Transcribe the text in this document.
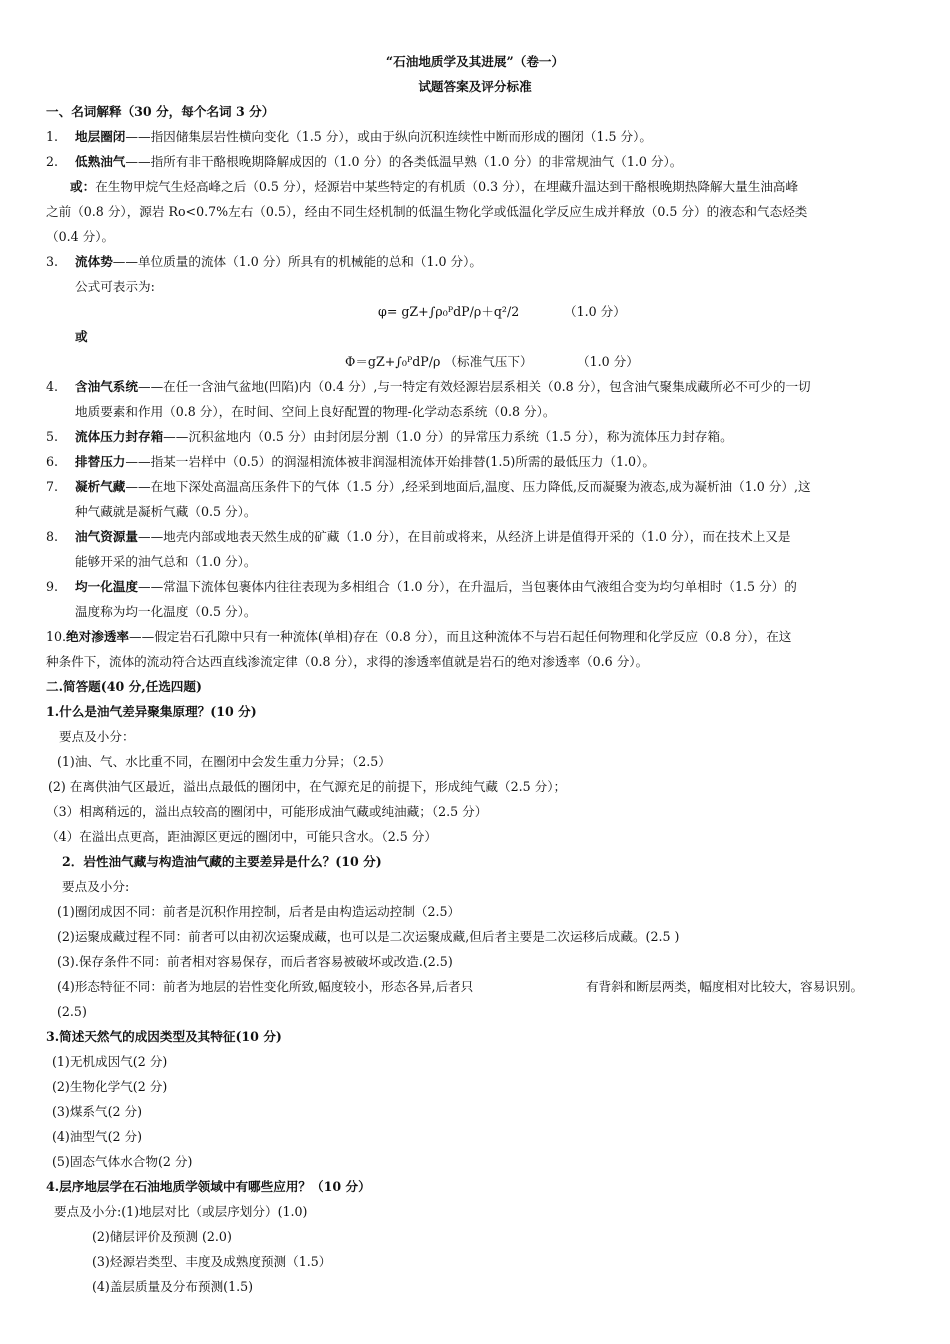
“石油地质学及其进展”（卷一）
试题答案及评分标准
一、名词解释（30 分，每个名词 3 分）
1. 地层圈闭——指因储集层岩性横向变化（1.5 分），或由于纵向沉积连续性中断而形成的圈闭（1.5 分）。
2. 低熟油气——指所有非干酪根晚期降解成因的（1.0 分）的各类低温早熟（1.0 分）的非常规油气（1.0 分）。
或：在生物甲烷气生烃高峰之后（0.5 分），烃源岩中某些特定的有机质（0.3 分），在埋藏升温达到干酪根晚期热降解大量生油高峰
之前（0.8 分），源岩 Ro<0.7%左右（0.5），经由不同生烃机制的低温生物化学或低温化学反应生成并释放（0.5 分）的液态和气态烃类
（0.4 分）。
3. 流体势——单位质量的流体（1.0 分）所具有的机械能的总和（1.0 分）。
公式可表示为:
φ= gZ+∫ρ₀ᴾdP/ρ＋q²/2	（1.0 分）
或
Φ＝gZ+∫₀ᴾdP/ρ （标准气压下）	（1.0 分）
4. 含油气系统——在任一含油气盆地(凹陷)内（0.4 分）,与一特定有效烃源岩层系相关（0.8 分），包含油气聚集成藏所必不可少的一切
地质要素和作用（0.8 分），在时间、空间上良好配置的物理-化学动态系统（0.8 分）。
5. 流体压力封存箱——沉积盆地内（0.5 分）由封闭层分割（1.0 分）的异常压力系统（1.5 分），称为流体压力封存箱。
6. 排替压力——指某一岩样中（0.5）的润湿相流体被非润湿相流体开始排替(1.5)所需的最低压力（1.0）。
7. 凝析气藏——在地下深处高温高压条件下的气体（1.5 分）,经采到地面后,温度、压力降低,反而凝聚为液态,成为凝析油（1.0 分）,这
种气藏就是凝析气藏（0.5 分）。
8. 油气资源量——地壳内部或地表天然生成的矿藏（1.0 分），在目前或将来，从经济上讲是值得开采的（1.0 分），而在技术上又是
能够开采的油气总和（1.0 分）。
9. 均一化温度——常温下流体包裹体内往往表现为多相组合（1.0 分），在升温后，当包裹体由气液组合变为均匀单相时（1.5 分）的
温度称为均一化温度（0.5 分）。
10.绝对渗透率——假定岩石孔隙中只有一种流体(单相)存在（0.8 分），而且这种流体不与岩石起任何物理和化学反应（0.8 分），在这
种条件下，流体的流动符合达西直线渗流定律（0.8 分），求得的渗透率值就是岩石的绝对渗透率（0.6 分）。
二.简答题(40 分,任选四题)
1.什么是油气差异聚集原理？(10 分)
要点及小分：
(1)油、气、水比重不同，在圈闭中会发生重力分异；（2.5）
(2) 在离供油气区最近，溢出点最低的圈闭中，在气源充足的前提下，形成纯气藏（2.5 分）；
（3）相离稍远的，溢出点较高的圈闭中，可能形成油气藏或纯油藏；（2.5 分）
（4）在溢出点更高，距油源区更远的圈闭中，可能只含水。（2.5 分）
2．岩性油气藏与构造油气藏的主要差异是什么？(10 分)
要点及小分:
(1)圈闭成因不同：前者是沉积作用控制，后者是由构造运动控制（2.5）
(2)运聚成藏过程不同：前者可以由初次运聚成藏，也可以是二次运聚成藏,但后者主要是二次运移后成藏。(2.5 )
(3).保存条件不同：前者相对容易保存，而后者容易被破坏或改造.(2.5)
(4)形态特征不同：前者为地层的岩性变化所致,幅度较小，形态各异,后者只	有背斜和断层两类，幅度相对比较大，容易识别。
(2.5)
3.简述天然气的成因类型及其特征(10 分)
(1)无机成因气(2 分)
(2)生物化学气(2 分)
(3)煤系气(2 分)
(4)油型气(2 分)
(5)固态气体水合物(2 分)
4.层序地层学在石油地质学领域中有哪些应用？（10 分）
要点及小分:(1)地层对比（或层序划分）(1.0)
(2)储层评价及预测 (2.0)
(3)烃源岩类型、丰度及成熟度预测（1.5）
(4)盖层质量及分布预测(1.5)
